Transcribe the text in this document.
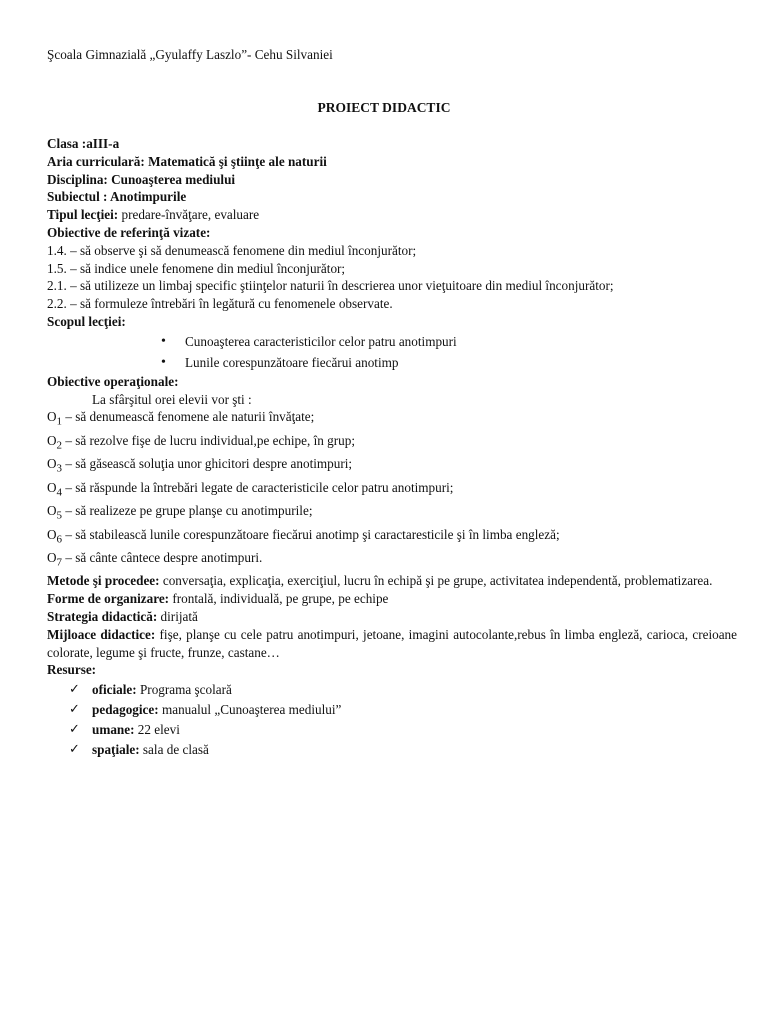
Şcoala Gimnazială „Gyulaffy Laszlo”- Cehu Silvaniei
PROIECT DIDACTIC
Clasa :aIII-a
Aria curriculară: Matematică şi ştiinţe ale naturii
Disciplina: Cunoaşterea mediului
Subiectul : Anotimpurile
Tipul lecţiei: predare-învăţare, evaluare
Obiective de referinţă vizate:
1.4. – să observe şi să denumească fenomene din mediul înconjurător;
1.5. – să indice unele fenomene din mediul înconjurător;
2.1. – să utilizeze un limbaj specific ştiinţelor naturii în descrierea unor vieţuitoare din mediul înconjurător;
2.2. – să formuleze întrebări în legătură cu fenomenele observate.
Scopul lecţiei:
• Cunoaşterea caracteristicilor celor patru anotimpuri
• Lunile corespunzătoare fiecărui anotimp
Obiective operaţionale:
La sfârşitul orei elevii vor şti :
$O_1$ – să denumească fenomene ale naturii învăţate;
$O_2$ – să rezolve fişe de lucru individual,pe echipe, în grup;
$O_3$ – să găsească soluţia unor ghicitori despre anotimpuri;
$O_4$ – să răspunde la întrebări legate de caracteristicile celor patru anotimpuri;
$O_5$ – să realizeze pe grupe planşe cu anotimpurile;
$O_6$ – să stabilească lunile corespunzătoare fiecărui anotimp şi caractaresticile şi în limba engleză;
$O_7$ – să cânte cântece despre anotimpuri.
Metode şi procedee: conversaţia, explicaţia, exerciţiul, lucru în echipă şi pe grupe, activitatea independentă, problematizarea.
Forme de organizare: frontală, individuală, pe grupe, pe echipe
Strategia didactică: dirijată
Mijloace didactice: fişe, planşe cu cele patru anotimpuri, jetoane, imagini autocolante,rebus în limba engleză, carioca, creioane colorate, legume şi fructe, frunze, castane…
Resurse:
✓ oficiale: Programa şcolară
✓ pedagogice: manualul „Cunoaşterea mediului”
✓ umane: 22 elevi
✓ spaţiale: sala de clasă
